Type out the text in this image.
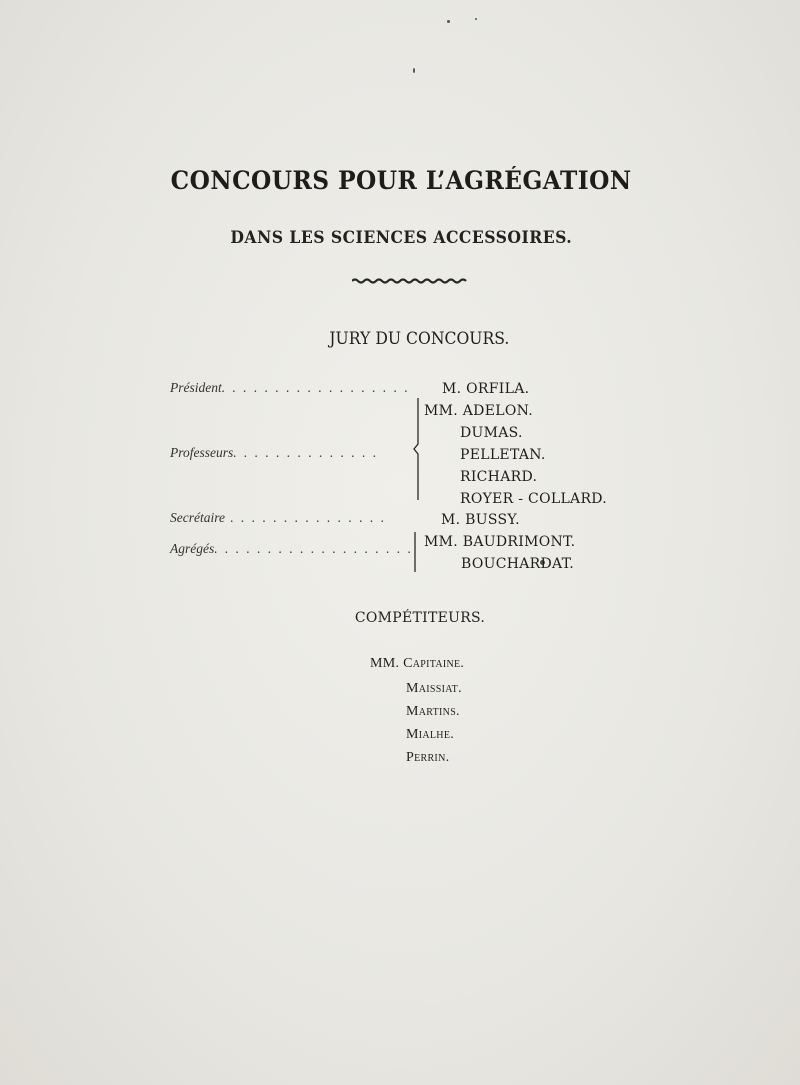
CONCOURS POUR L’AGRÉGATION
DANS LES SCIENCES ACCESSOIRES.
JURY DU CONCOURS.
Président. . . . . . . . . . . . . . . . . .
Professeurs. . . . . . . . . . . . . .
Secrétaire . . . . . . . . . . . . . . .
Agrégés. . . . . . . . . . . . . . . . . . .
M. ORFILA.
MM. ADELON.
DUMAS.
PELLETAN.
RICHARD.
ROYER - COLLARD.
M. BUSSY.
MM. BAUDRIMONT.
BOUCHARDAT.
COMPÉTITEURS.
MM. Capitaine.
Maissiat.
Martins.
Mialhe.
Perrin.
